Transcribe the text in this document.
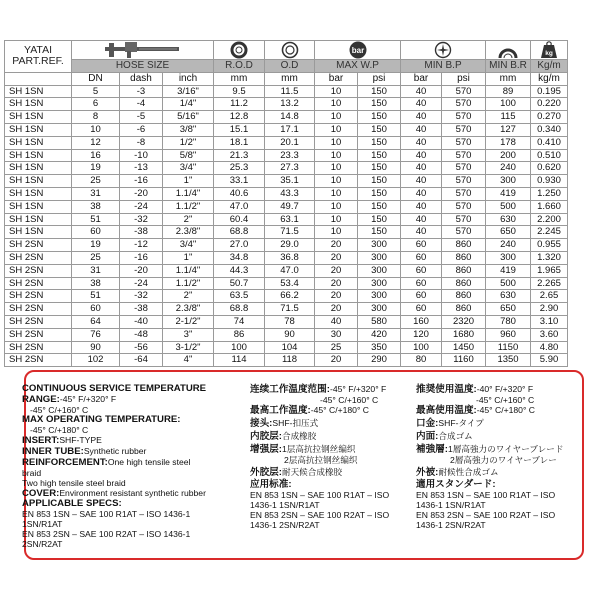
YATAI
PART.REF.						bar					kg

	HOSE SIZE			R.O.D	O.D	MAX W.P		MIN B.P		MIN B.R	Kg/m
	DN	dash	inch	mm	mm	bar	psi	bar	psi	mm	kg/m
SH 1SN	5	-3	3/16"	9.5	11.5	10	150	40	570	89	0.195
SH 1SN	6	-4	1/4"	11.2	13.2	10	150	40	570	100	0.220
SH 1SN	8	-5	5/16"	12.8	14.8	10	150	40	570	115	0.270
SH 1SN	10	-6	3/8"	15.1	17.1	10	150	40	570	127	0.340
SH 1SN	12	-8	1/2"	18.1	20.1	10	150	40	570	178	0.410
SH 1SN	16	-10	5/8"	21.3	23.3	10	150	40	570	200	0.510
SH 1SN	19	-13	3/4"	25.3	27.3	10	150	40	570	240	0.620
SH 1SN	25	-16	1"	33.1	35.1	10	150	40	570	300	0.930
SH 1SN	31	-20	1.1/4"	40.6	43.3	10	150	40	570	419	1.250
SH 1SN	38	-24	1.1/2"	47.0	49.7	10	150	40	570	500	1.660
SH 1SN	51	-32	2"	60.4	63.1	10	150	40	570	630	2.200
SH 1SN	60	-38	2.3/8"	68.8	71.5	10	150	40	570	650	2.245
SH 2SN	19	-12	3/4"	27.0	29.0	20	300	60	860	240	0.955
SH 2SN	25	-16	1"	34.8	36.8	20	300	60	860	300	1.320
SH 2SN	31	-20	1.1/4"	44.3	47.0	20	300	60	860	419	1.965
SH 2SN	38	-24	1.1/2"	50.7	53.4	20	300	60	860	500	2.265
SH 2SN	51	-32	2"	63.5	66.2	20	300	60	860	630	2.65
SH 2SN	60	-38	2.3/8"	68.8	71.5	20	300	60	860	650	2.90
SH 2SN	64	-40	2-1/2"	74	78	40	580	160	2320	780	3.10
SH 2SN	76	-48	3"	86	90	30	420	120	1680	960	3.60
SH 2SN	90	-56	3-1/2"	100	104	25	350	100	1450	1150	4.80
SH 2SN	102	-64	4"	114	118	20	290	80	1160	1350	5.90

CONTINUOUS SERVICE TEMPERATURE

RANGE:-45° F/+320° F

-45° C/+160° C

MAX OPERATING TEMPERATURE:

-45° C/+180° C

INSERT:SHF-TYPE

INNER TUBE:Synthetic rubber

REINFORCEMENT:One high tensile steel

braid

Two high tensile steel braid

COVER:Environment resistant synthetic rubber

APPLICABLE SPECS:

EN 853 1SN – SAE 100 R1AT – ISO 1436-1

1SN/R1AT

EN 853 2SN – SAE 100 R2AT – ISO 1436-1

2SN/R2AT

连续工作温度范围:-45° F/+320° F

-45° C/+160° C

最高工作温度:-45° C/+180° C

接头:SHF-扣压式

内胶层:合成橡胶

增强层:1层高抗拉钢丝编织

2层高抗拉钢丝编织

外胶层:耐天候合成橡胶

应用标准:

EN 853 1SN – SAE 100 R1AT – ISO

1436-1 1SN/R1AT

EN 853 2SN – SAE 100 R2AT – ISO

1436-1 2SN/R2AT

推奨使用温度:-40° F/+320° F

-45° C/+160° C

最高使用温度:-45° C/+180° C

口金:SHF-タイプ

内面:合成ゴム

補強層:1層高強力のワイヤーブレード

2層高強力のワイヤーブレー

外被:耐候性合成ゴム

適用スタンダード:

EN 853 1SN – SAE 100 R1AT – ISO

1436-1 1SN/R1AT

EN 853 2SN – SAE 100 R2AT – ISO

1436-1 2SN/R2AT
